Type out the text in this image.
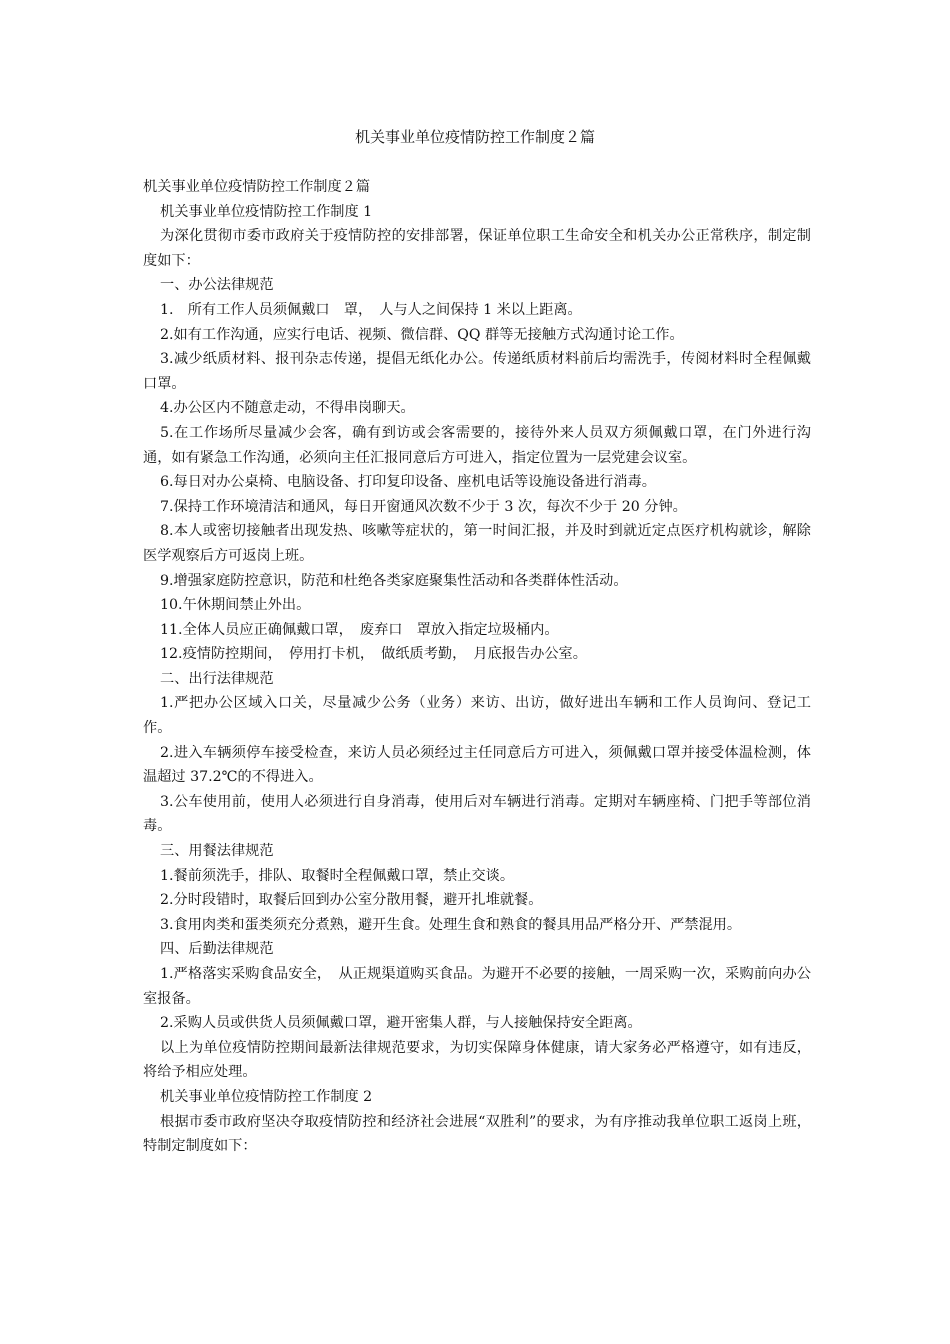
机关事业单位疫情防控工作制度２篇

机关事业单位疫情防控工作制度２篇

机关事业单位疫情防控工作制度 1

为深化贯彻市委市政府关于疫情防控的安排部署，保证单位职工生命安全和机关办公正常秩序，制定制度如下：

一、办公法律规范

1.　所有工作人员须佩戴口　罩，　人与人之间保持 1 米以上距离。

2.如有工作沟通，应实行电话、视频、微信群、QQ 群等无接触方式沟通讨论工作。

3.减少纸质材料、报刊杂志传递，提倡无纸化办公。传递纸质材料前后均需洗手，传阅材料时全程佩戴口罩。

4.办公区内不随意走动，不得串岗聊天。

5.在工作场所尽量减少会客，确有到访或会客需要的，接待外来人员双方须佩戴口罩，在门外进行沟通，如有紧急工作沟通，必须向主任汇报同意后方可进入，指定位置为一层党建会议室。

6.每日对办公桌椅、电脑设备、打印复印设备、座机电话等设施设备进行消毒。

7.保持工作环境清洁和通风，每日开窗通风次数不少于 3 次，每次不少于 20 分钟。

8.本人或密切接触者出现发热、咳嗽等症状的，第一时间汇报，并及时到就近定点医疗机构就诊，解除医学观察后方可返岗上班。

9.增强家庭防控意识，防范和杜绝各类家庭聚集性活动和各类群体性活动。

10.午休期间禁止外出。

11.全体人员应正确佩戴口罩，　废弃口　罩放入指定垃圾桶内。

12.疫情防控期间，　停用打卡机，　做纸质考勤，　月底报告办公室。

二、出行法律规范

1.严把办公区域入口关，尽量减少公务（业务）来访、出访，做好进出车辆和工作人员询问、登记工作。

2.进入车辆须停车接受检查，来访人员必须经过主任同意后方可进入，须佩戴口罩并接受体温检测，体温超过 37.2℃的不得进入。

3.公车使用前，使用人必须进行自身消毒，使用后对车辆进行消毒。定期对车辆座椅、门把手等部位消毒。

三、用餐法律规范

1.餐前须洗手，排队、取餐时全程佩戴口罩，禁止交谈。

2.分时段错时，取餐后回到办公室分散用餐，避开扎堆就餐。

3.食用肉类和蛋类须充分煮熟，避开生食。处理生食和熟食的餐具用品严格分开、严禁混用。

四、后勤法律规范

1.严格落实采购食品安全，　从正规渠道购买食品。为避开不必要的接触，一周采购一次，采购前向办公室报备。

2.采购人员或供货人员须佩戴口罩，避开密集人群，与人接触保持安全距离。

以上为单位疫情防控期间最新法律规范要求，为切实保障身体健康，请大家务必严格遵守，如有违反，将给予相应处理。

机关事业单位疫情防控工作制度 2

根据市委市政府坚决夺取疫情防控和经济社会进展“双胜利”的要求，为有序推动我单位职工返岗上班，特制定制度如下：
